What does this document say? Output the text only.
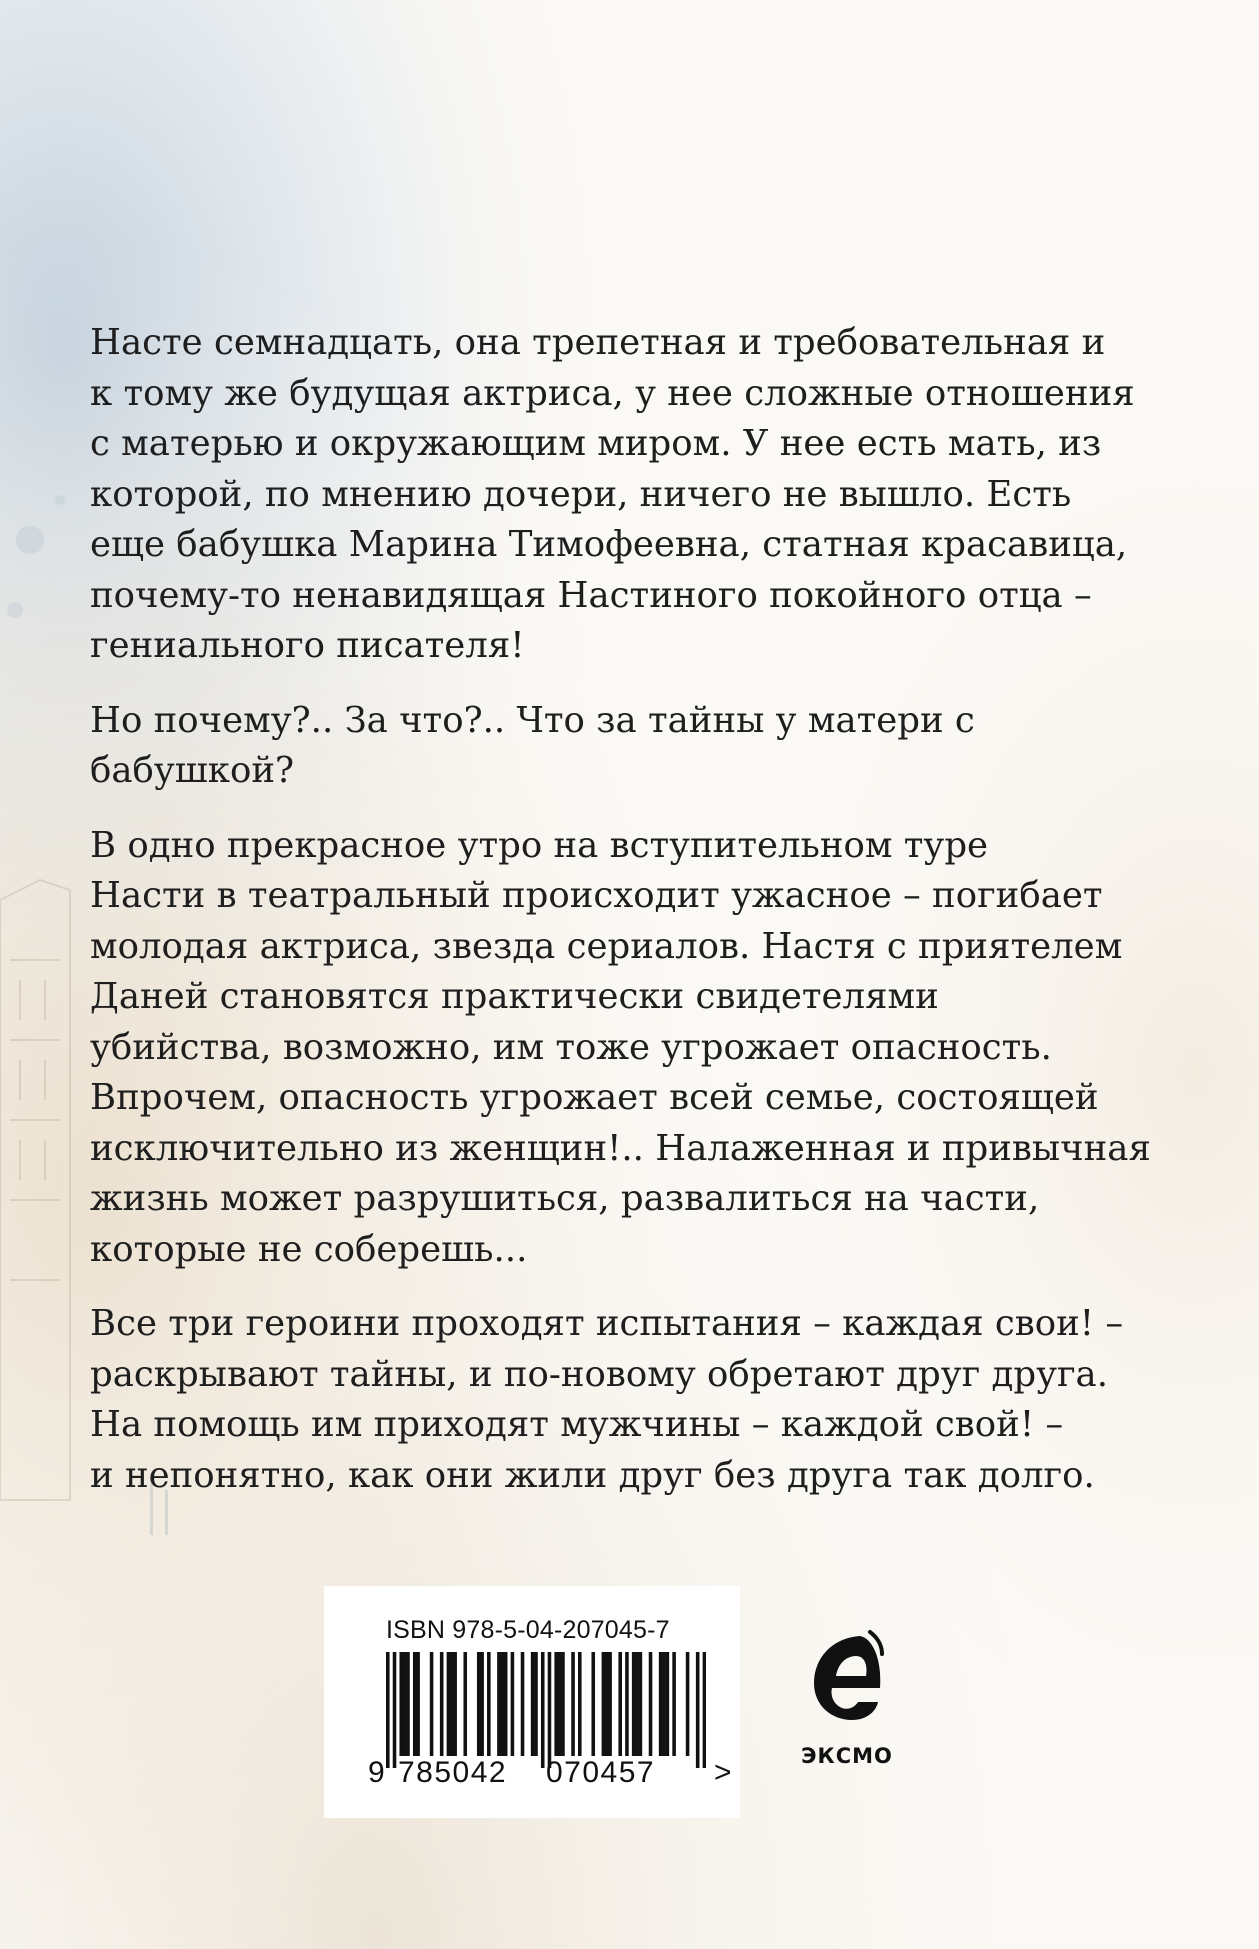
Насте семнадцать, она трепетная и требовательная и
к тому же будущая актриса, у нее сложные отношения
с матерью и окружающим миром. У нее есть мать, из
которой, по мнению дочери, ничего не вышло. Есть
еще бабушка Марина Тимофеевна, статная красавица,
почему-то ненавидящая Настиного покойного отца –
гениального писателя!

Но почему?.. За что?.. Что за тайны у матери с бабушкой?

В одно прекрасное утро на вступительном туре
Насти в театральный происходит ужасное – погибает
молодая актриса, звезда сериалов. Настя с приятелем
Даней становятся практически свидетелями
убийства, возможно, им тоже угрожает опасность.
Впрочем, опасность угрожает всей семье, состоящей
исключительно из женщин!.. Налаженная и привычная
жизнь может разрушиться, развалиться на части,
которые не соберешь...

Все три героини проходят испытания – каждая свои! –
раскрывают тайны, и по-новому обретают друг друга.
На помощь им приходят мужчины – каждой свой! –
и непонятно, как они жили друг без друга так долго.

ISBN 978-5-04-207045-7
9 785042 070457 >	ЭКСМО
